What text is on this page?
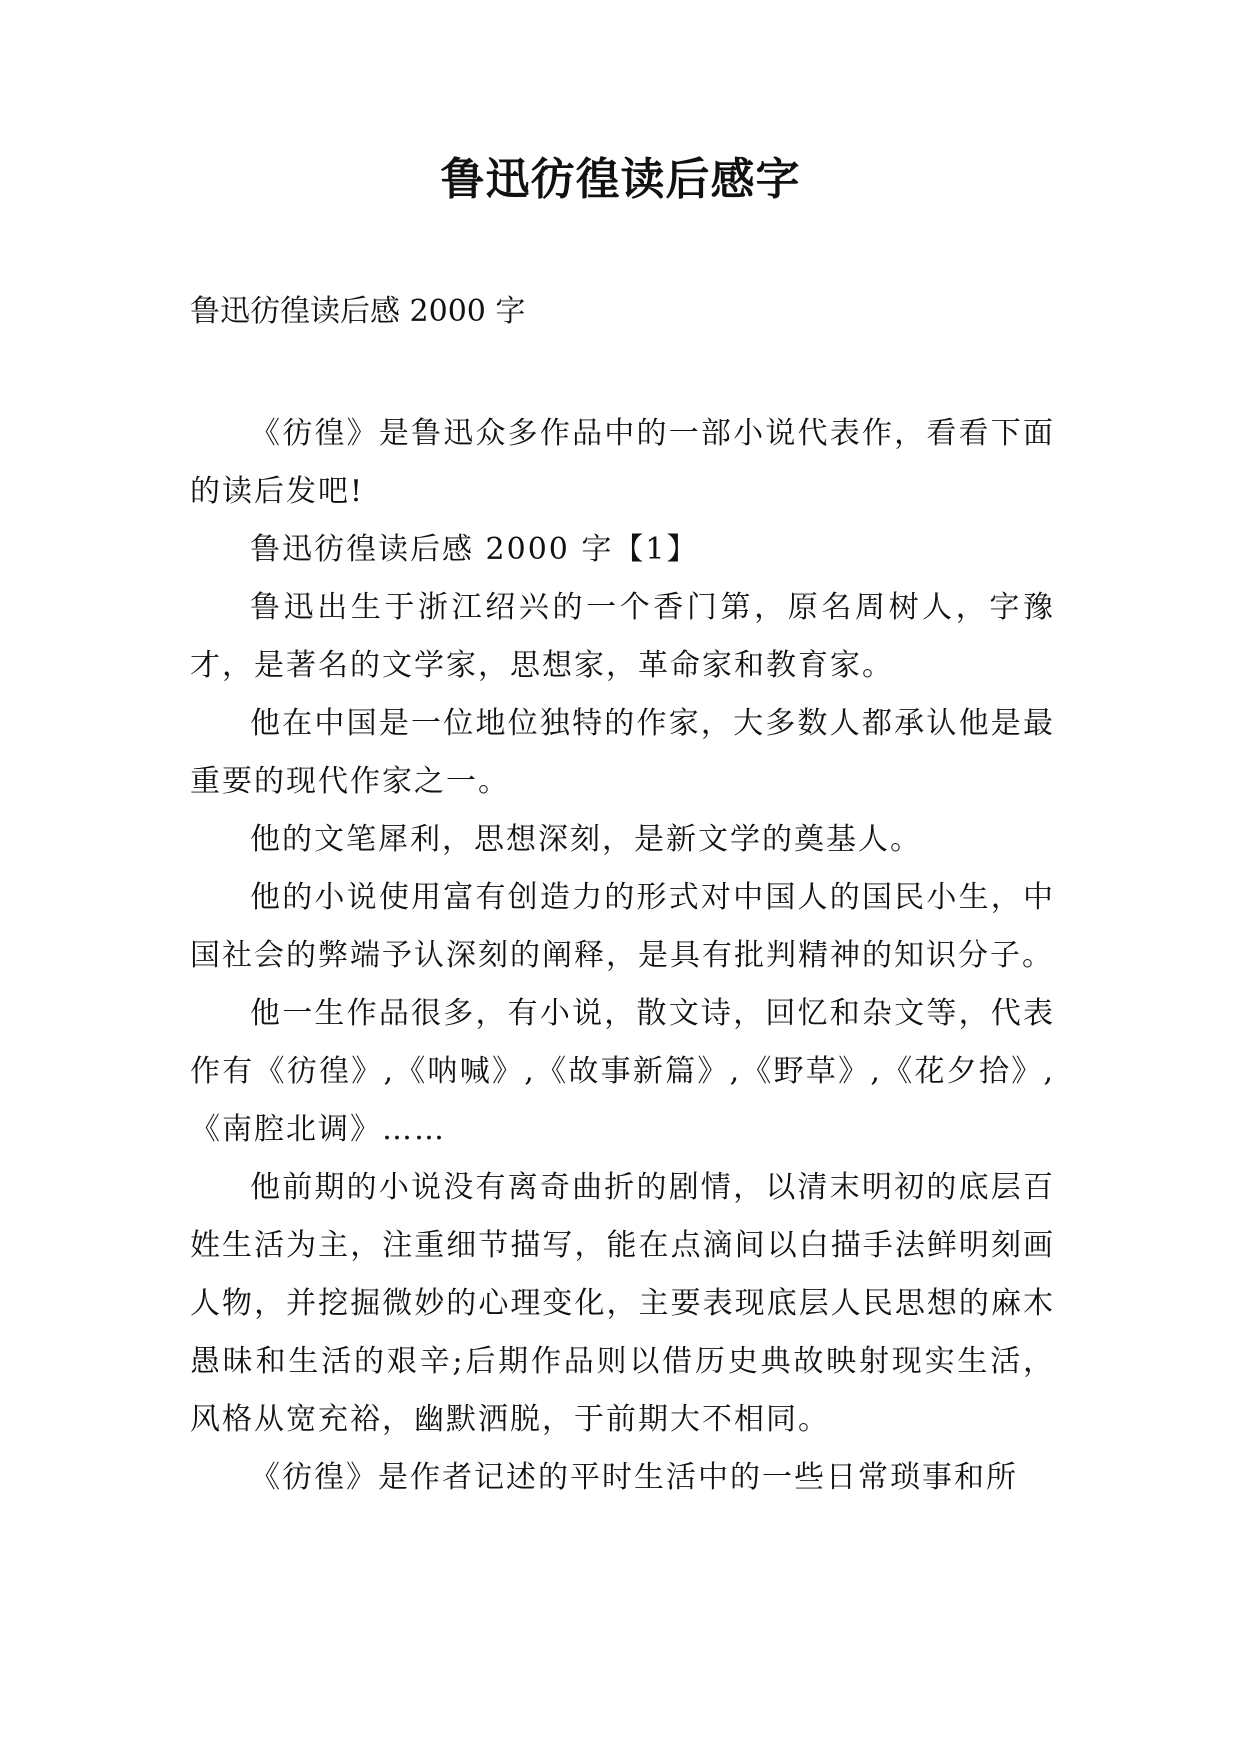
鲁迅彷徨读后感字
鲁迅彷徨读后感 2000 字

《彷徨》是鲁迅众多作品中的一部小说代表作，看看下面的读后发吧!

鲁迅彷徨读后感 2000 字【1】

鲁迅出生于浙江绍兴的一个香门第，原名周树人，字豫才，是著名的文学家，思想家，革命家和教育家。

他在中国是一位地位独特的作家，大多数人都承认他是最重要的现代作家之一。

他的文笔犀利，思想深刻，是新文学的奠基人。

他的小说使用富有创造力的形式对中国人的国民小生，中国社会的弊端予认深刻的阐释，是具有批判精神的知识分子。

他一生作品很多，有小说，散文诗，回忆和杂文等，代表作有《彷徨》,《呐喊》,《故事新篇》,《野草》,《花夕拾》,《南腔北调》……

他前期的小说没有离奇曲折的剧情，以清末明初的底层百姓生活为主，注重细节描写，能在点滴间以白描手法鲜明刻画人物，并挖掘微妙的心理变化，主要表现底层人民思想的麻木愚昧和生活的艰辛;后期作品则以借历史典故映射现实生活，风格从宽充裕，幽默洒脱，于前期大不相同。

《彷徨》是作者记述的平时生活中的一些日常琐事和所
